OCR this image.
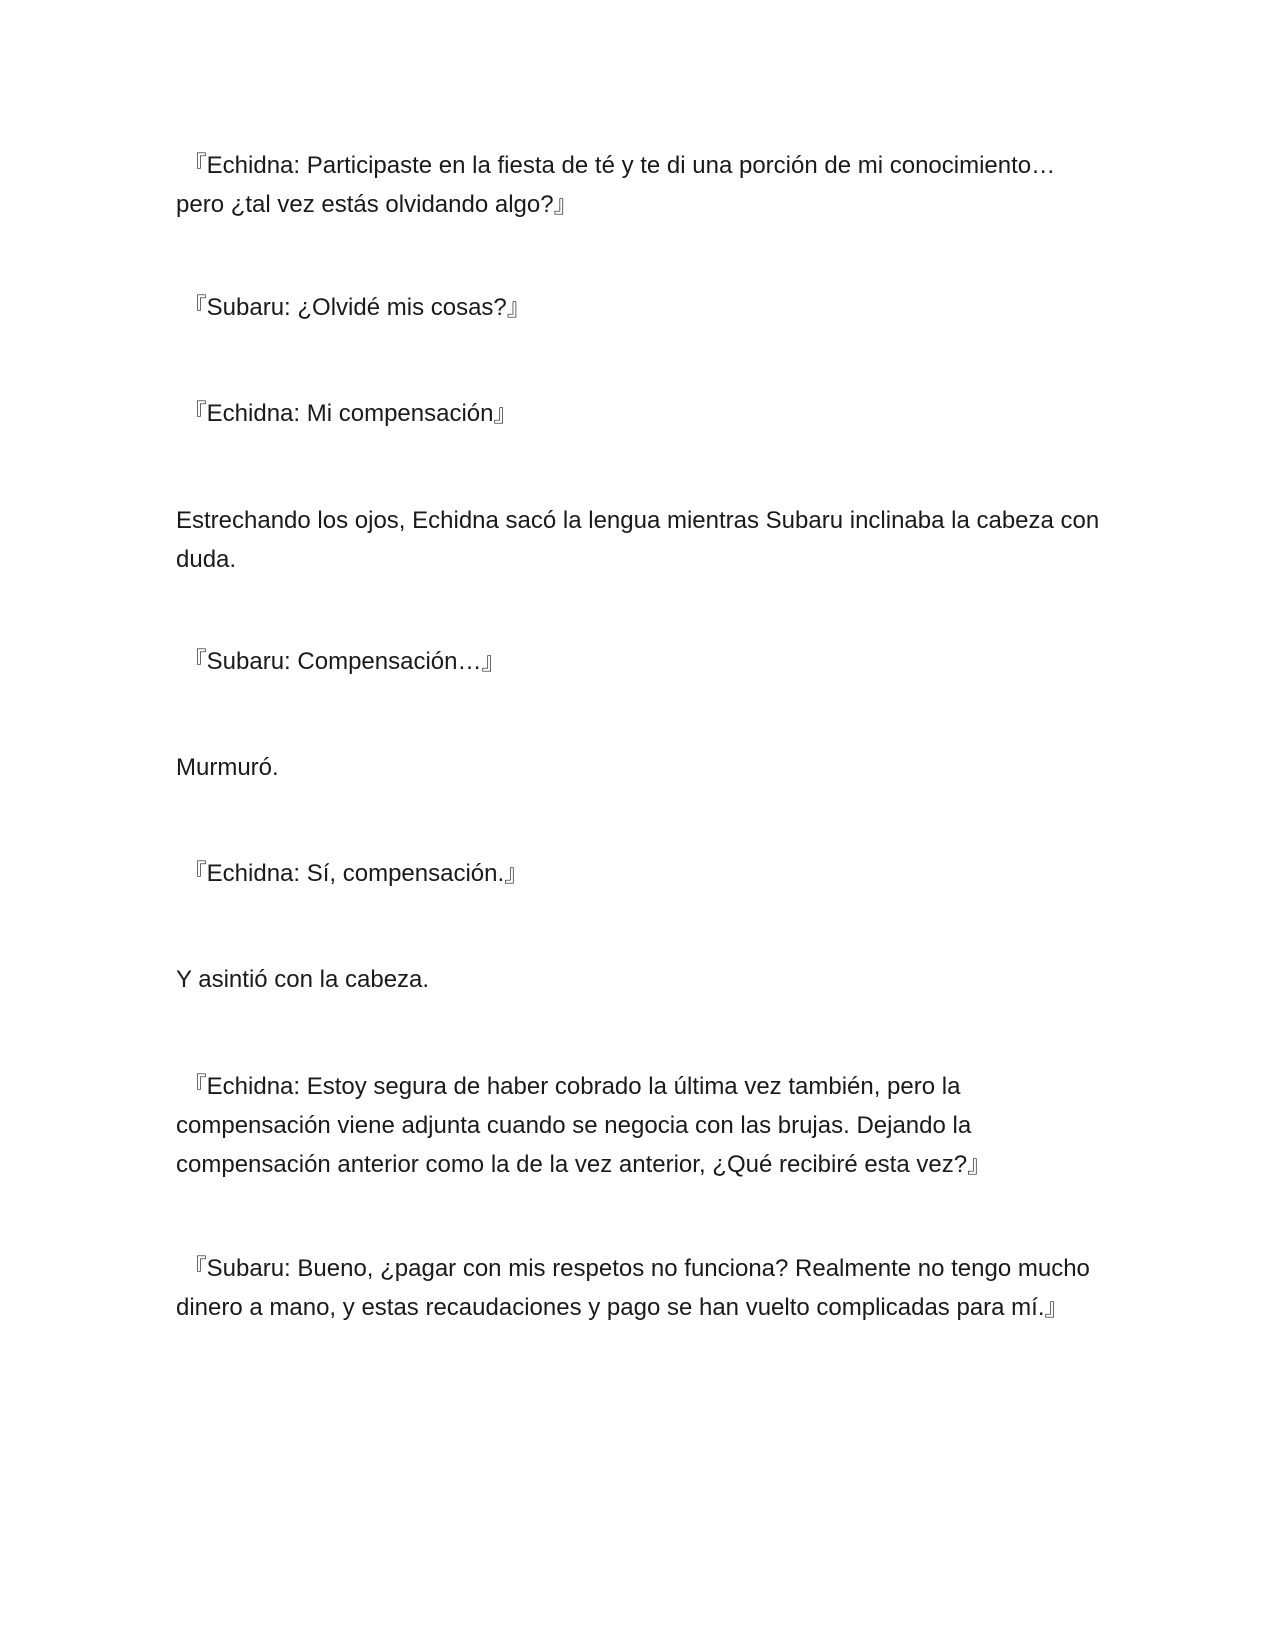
『Echidna: Participaste en la fiesta de té y te di una porción de mi conocimiento… pero ¿tal vez estás olvidando algo?』

『Subaru: ¿Olvidé mis cosas?』

『Echidna: Mi compensación』

Estrechando los ojos, Echidna sacó la lengua mientras Subaru inclinaba la cabeza con duda.

『Subaru: Compensación…』

Murmuró.

『Echidna: Sí, compensación.』

Y asintió con la cabeza.

『Echidna: Estoy segura de haber cobrado la última vez también, pero la compensación viene adjunta cuando se negocia con las brujas. Dejando la compensación anterior como la de la vez anterior, ¿Qué recibiré esta vez?』

『Subaru: Bueno, ¿pagar con mis respetos no funciona? Realmente no tengo mucho dinero a mano, y estas recaudaciones y pago se han vuelto complicadas para mí.』
